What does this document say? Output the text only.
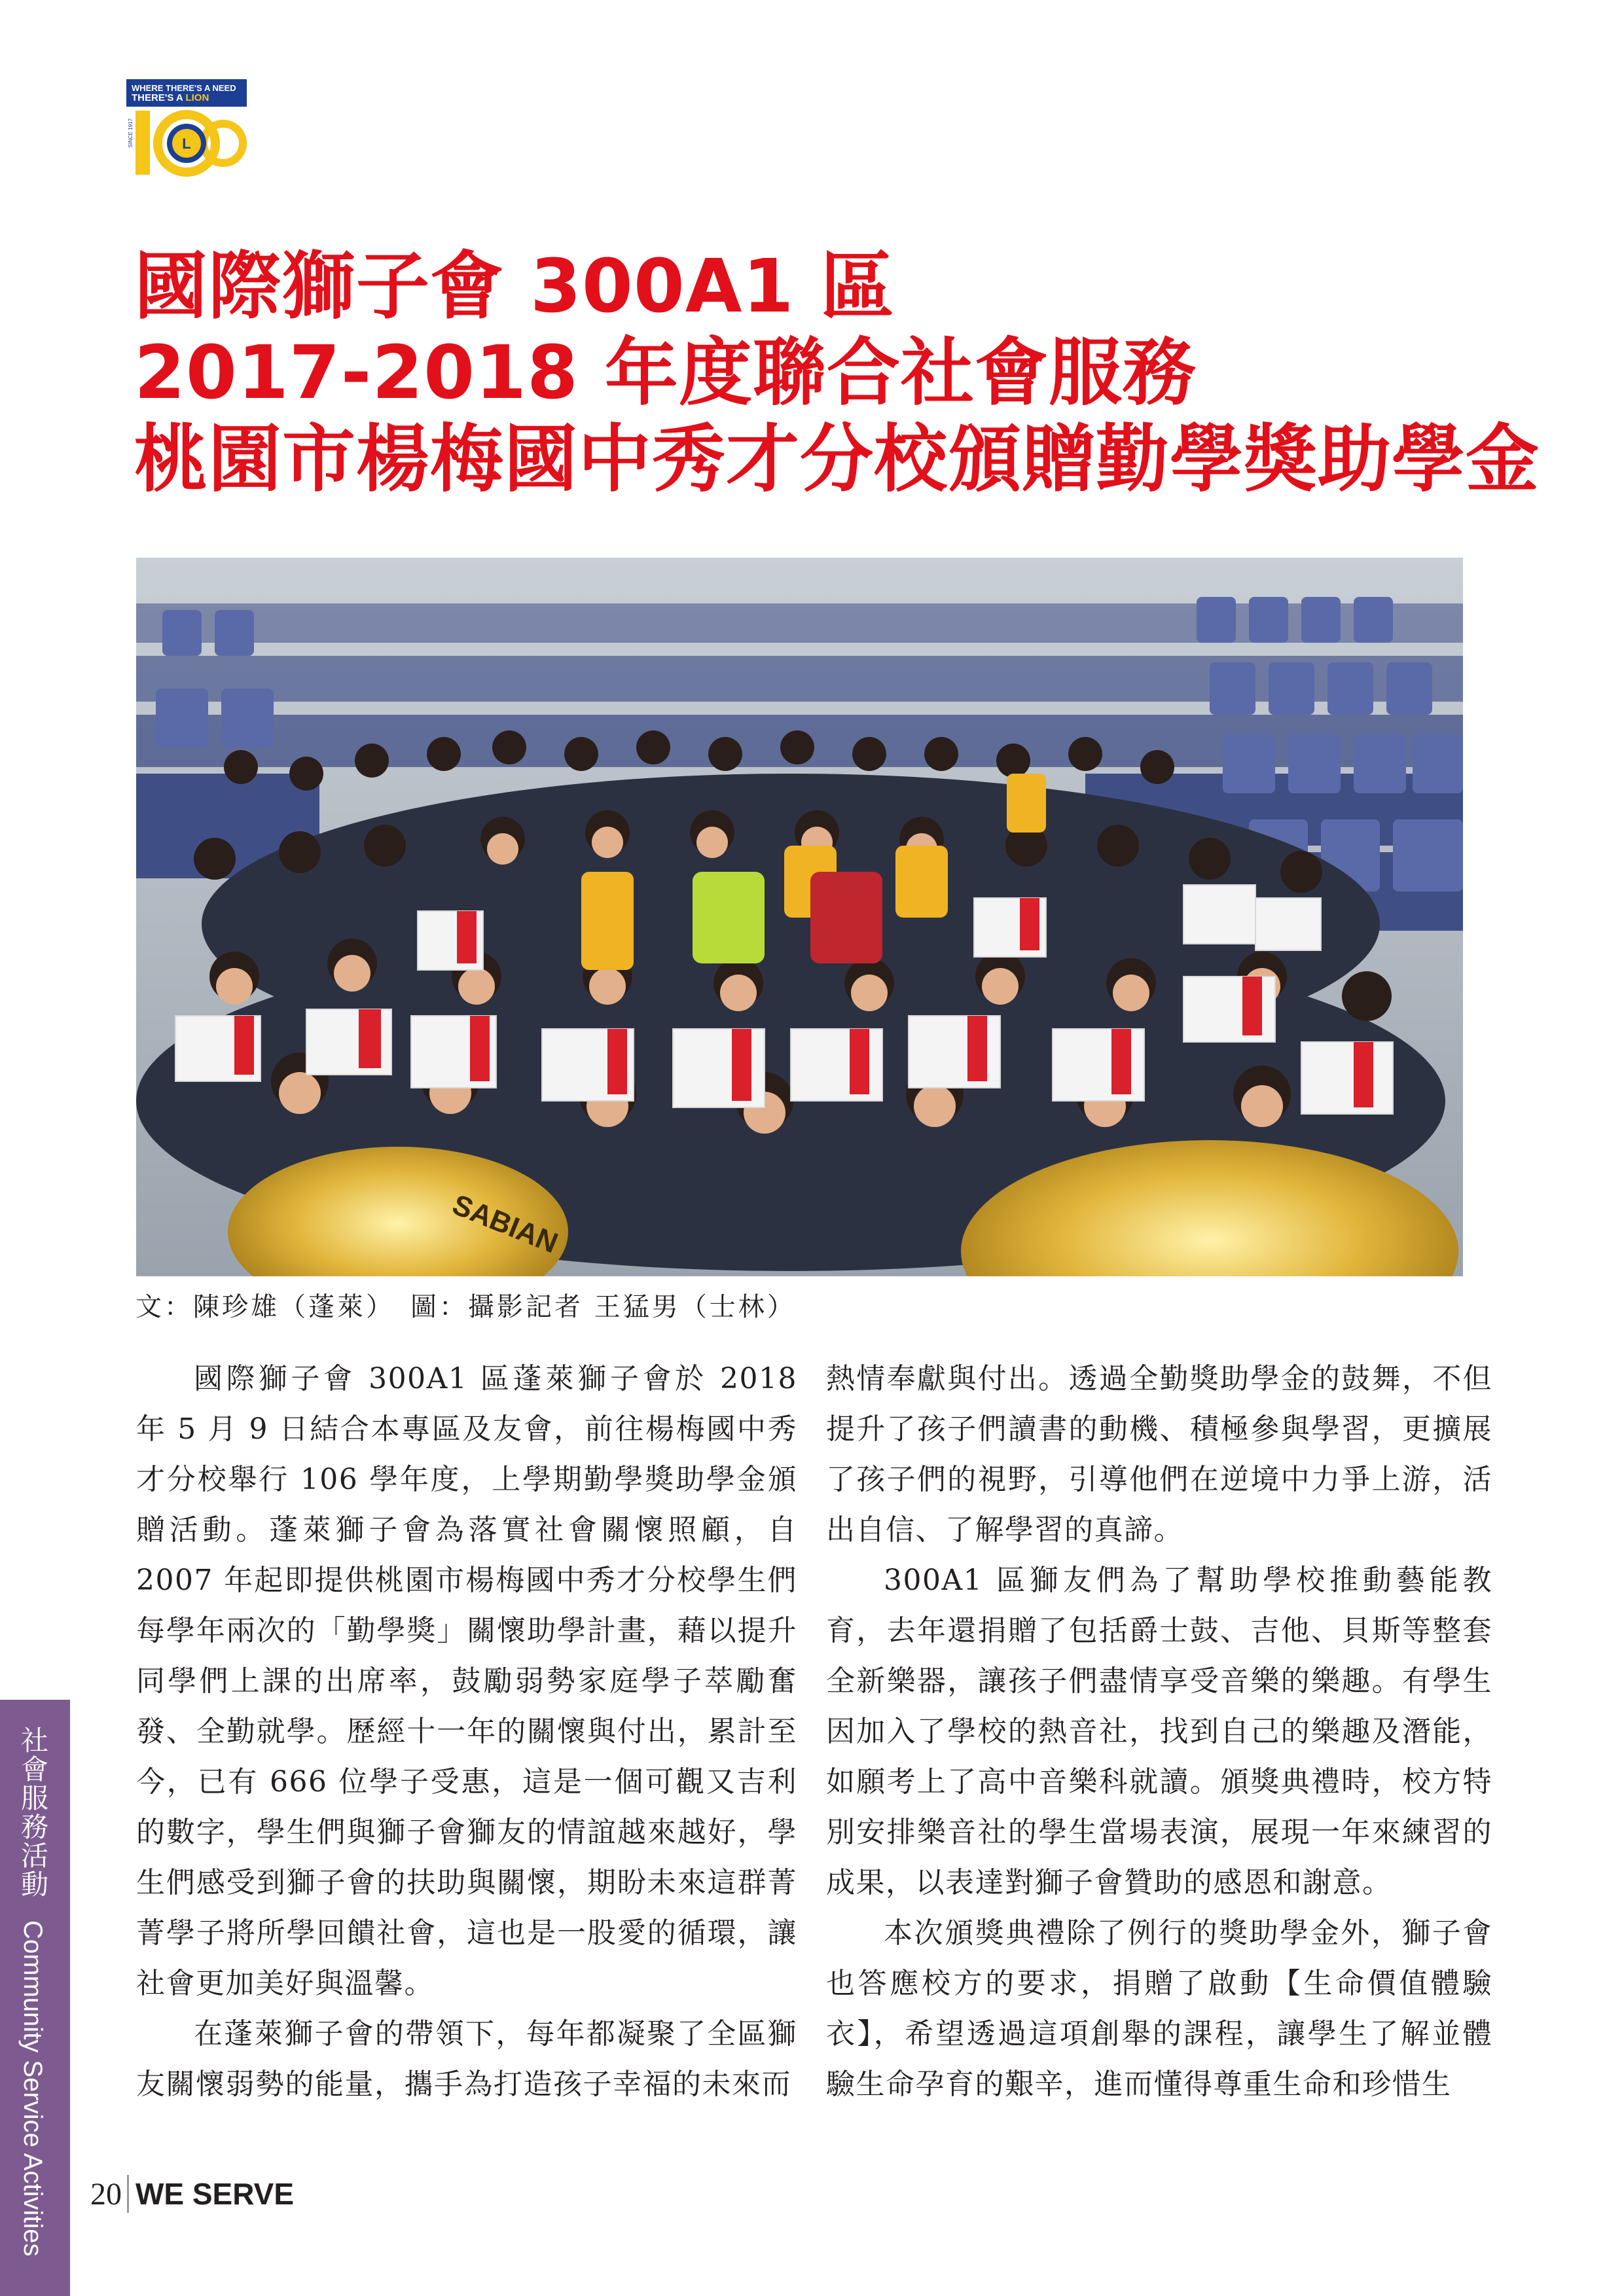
WHERE THERE'S A NEED
THERE'S A LION
L
SINCE 1917
國際獅子會 300A1 區
2017-2018 年度聯合社會服務
桃園市楊梅國中秀才分校頒贈勤學獎助學金
SABIAN
文：陳珍雄（蓬萊）　圖：攝影記者 王猛男（士林）

國際獅子會 300A1 區蓬萊獅子會於 2018 年 5 月 9 日結合本專區及友會，前往楊梅國中秀才分校舉行 106 學年度，上學期勤學獎助學金頒贈活動。蓬萊獅子會為落實社會關懷照顧，自 2007 年起即提供桃園市楊梅國中秀才分校學生們每學年兩次的「勤學獎」關懷助學計畫，藉以提升同學們上課的出席率，鼓勵弱勢家庭學子萃勵奮發、全勤就學。歷經十一年的關懷與付出，累計至今，已有 666 位學子受惠，這是一個可觀又吉利的數字，學生們與獅子會獅友的情誼越來越好，學生們感受到獅子會的扶助與關懷，期盼未來這群菁菁學子將所學回饋社會，這也是一股愛的循環，讓社會更加美好與溫馨。

在蓬萊獅子會的帶領下，每年都凝聚了全區獅友關懷弱勢的能量，攜手為打造孩子幸福的未來而

熱情奉獻與付出。透過全勤獎助學金的鼓舞，不但提升了孩子們讀書的動機、積極參與學習，更擴展了孩子們的視野，引導他們在逆境中力爭上游，活出自信、了解學習的真諦。

300A1 區獅友們為了幫助學校推動藝能教育，去年還捐贈了包括爵士鼓、吉他、貝斯等整套全新樂器，讓孩子們盡情享受音樂的樂趣。有學生因加入了學校的熱音社，找到自己的樂趣及潛能，如願考上了高中音樂科就讀。頒獎典禮時，校方特別安排樂音社的學生當場表演，展現一年來練習的成果，以表達對獅子會贊助的感恩和謝意。

本次頒獎典禮除了例行的獎助學金外，獅子會也答應校方的要求，捐贈了啟動【生命價值體驗衣】，希望透過這項創舉的課程，讓學生了解並體驗生命孕育的艱辛，進而懂得尊重生命和珍惜生

社會服務活動 Community Service Activities 20 WE SERVE
